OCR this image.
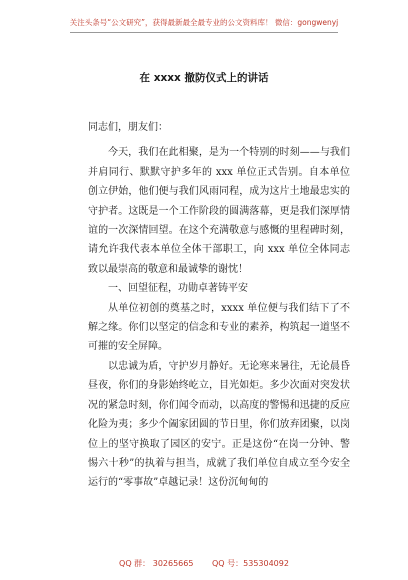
关注头条号“公文研究”，获得最新最全最专业的公文资料库！ 微信：gongwenyj
在 xxxx 撤防仪式上的讲话

同志们，朋友们：

今天，我们在此相聚，是为一个特别的时刻——与我们并肩同行、默默守护多年的 xxx 单位正式告别。自本单位创立伊始，他们便与我们风雨同程，成为这片土地最忠实的守护者。这既是一个工作阶段的圆满落幕，更是我们深厚情谊的一次深情回望。在这个充满敬意与感慨的里程碑时刻，请允许我代表本单位全体干部职工，向 xxx 单位全体同志致以最崇高的敬意和最诚挚的谢忱！

一、回望征程，功勋卓著铸平安

从单位初创的奠基之时，xxxx 单位便与我们结下了不解之缘。你们以坚定的信念和专业的素养，构筑起一道坚不可摧的安全屏障。

以忠诚为盾，守护岁月静好。无论寒来暑往，无论晨昏昼夜，你们的身影始终屹立，目光如炬。多少次面对突发状况的紧急时刻，你们闻令而动，以高度的警惕和迅捷的反应化险为夷；多少个阖家团圆的节日里，你们放弃团聚，以岗位上的坚守换取了园区的安宁。正是这份“在岗一分钟、警惕六十秒”的执着与担当，成就了我们单位自成立至今安全运行的“零事故”卓越记录！这份沉甸甸的

QQ 群： 30265665 QQ 号：535304092
